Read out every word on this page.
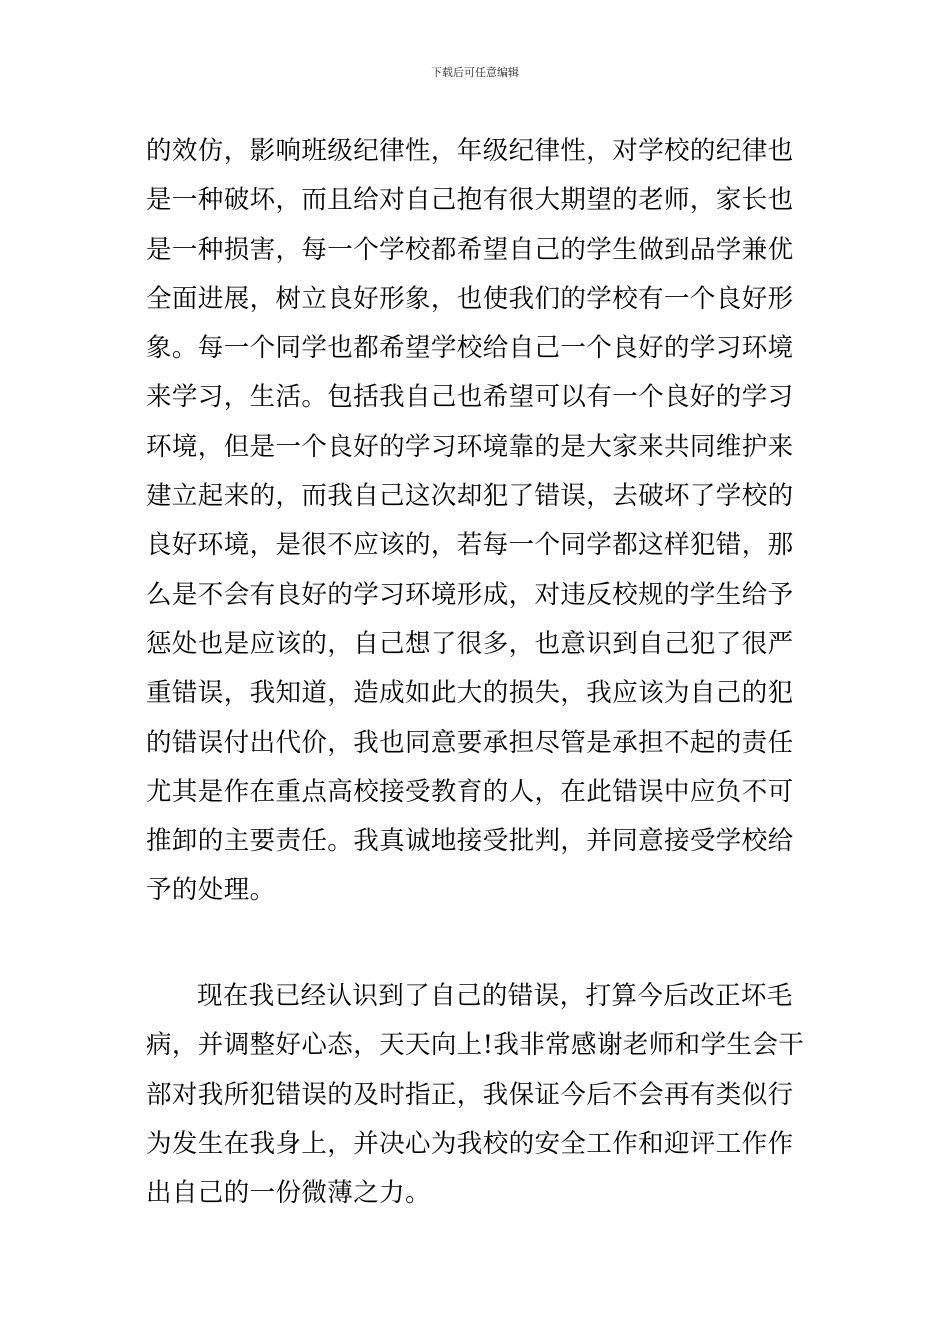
下载后可任意编辑
的效仿，影响班级纪律性，年级纪律性，对学校的纪律也
是一种破坏，而且给对自己抱有很大期望的老师，家长也
是一种损害，每一个学校都希望自己的学生做到品学兼优
全面进展，树立良好形象，也使我们的学校有一个良好形
象。每一个同学也都希望学校给自己一个良好的学习环境
来学习，生活。包括我自己也希望可以有一个良好的学习
环境，但是一个良好的学习环境靠的是大家来共同维护来
建立起来的，而我自己这次却犯了错误，去破坏了学校的
良好环境，是很不应该的，若每一个同学都这样犯错，那
么是不会有良好的学习环境形成，对违反校规的学生给予
惩处也是应该的，自己想了很多，也意识到自己犯了很严
重错误，我知道，造成如此大的损失，我应该为自己的犯
的错误付出代价，我也同意要承担尽管是承担不起的责任
尤其是作在重点高校接受教育的人，在此错误中应负不可
推卸的主要责任。我真诚地接受批判，并同意接受学校给
予的处理。
现在我已经认识到了自己的错误，打算今后改正坏毛
病，并调整好心态，天天向上!我非常感谢老师和学生会干
部对我所犯错误的及时指正，我保证今后不会再有类似行
为发生在我身上，并决心为我校的安全工作和迎评工作作
出自己的一份微薄之力。
